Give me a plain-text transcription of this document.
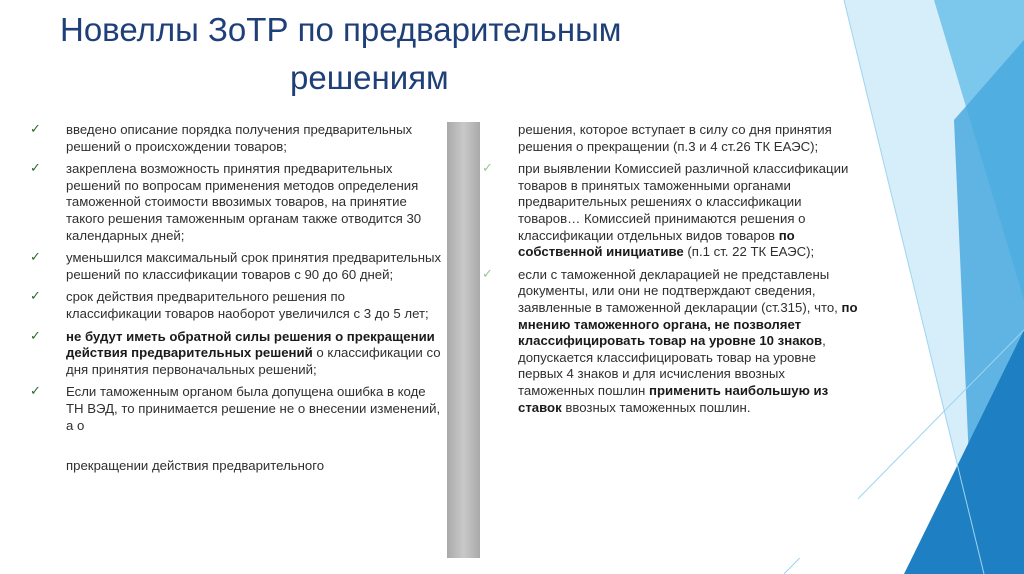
Новеллы ЗоТР по предварительным
решениям
✓ введено описание порядка получения предварительных решений о происхождении товаров;
✓ закреплена возможность принятия предварительных решений по вопросам применения методов определения таможенной стоимости ввозимых товаров, на принятие такого решения таможенным органам также отводится 30 календарных дней;
✓ уменьшился максимальный срок принятия предварительных решений по классификации товаров с 90 до 60 дней;
✓ срок действия предварительного решения по классификации товаров наоборот увеличился с 3 до 5 лет;
✓ не будут иметь обратной силы решения о прекращении действия предварительных решений о классификации со дня принятия первоначальных решений;
✓ Если таможенным органом была допущена ошибка в коде ТН ВЭД, то принимается решение не о внесении изменений, а о
прекращении действия предварительного
решения, которое вступает в силу со дня принятия решения о прекращении (п.3 и 4 ст.26 ТК ЕАЭС);
✓ при выявлении Комиссией различной классификации товаров в принятых таможенными органами предварительных решениях о классификации товаров… Комиссией принимаются решения о классификации отдельных видов товаров по собственной инициативе (п.1 ст. 22 ТК ЕАЭС);
✓ если с таможенной декларацией не представлены документы, или они не подтверждают сведения, заявленные в таможенной декларации (ст.315), что, по мнению таможенного органа, не позволяет классифицировать товар на уровне 10 знаков, допускается классифицировать товар на уровне первых 4 знаков и для исчисления ввозных таможенных пошлин применить наибольшую из ставок ввозных таможенных пошлин.
